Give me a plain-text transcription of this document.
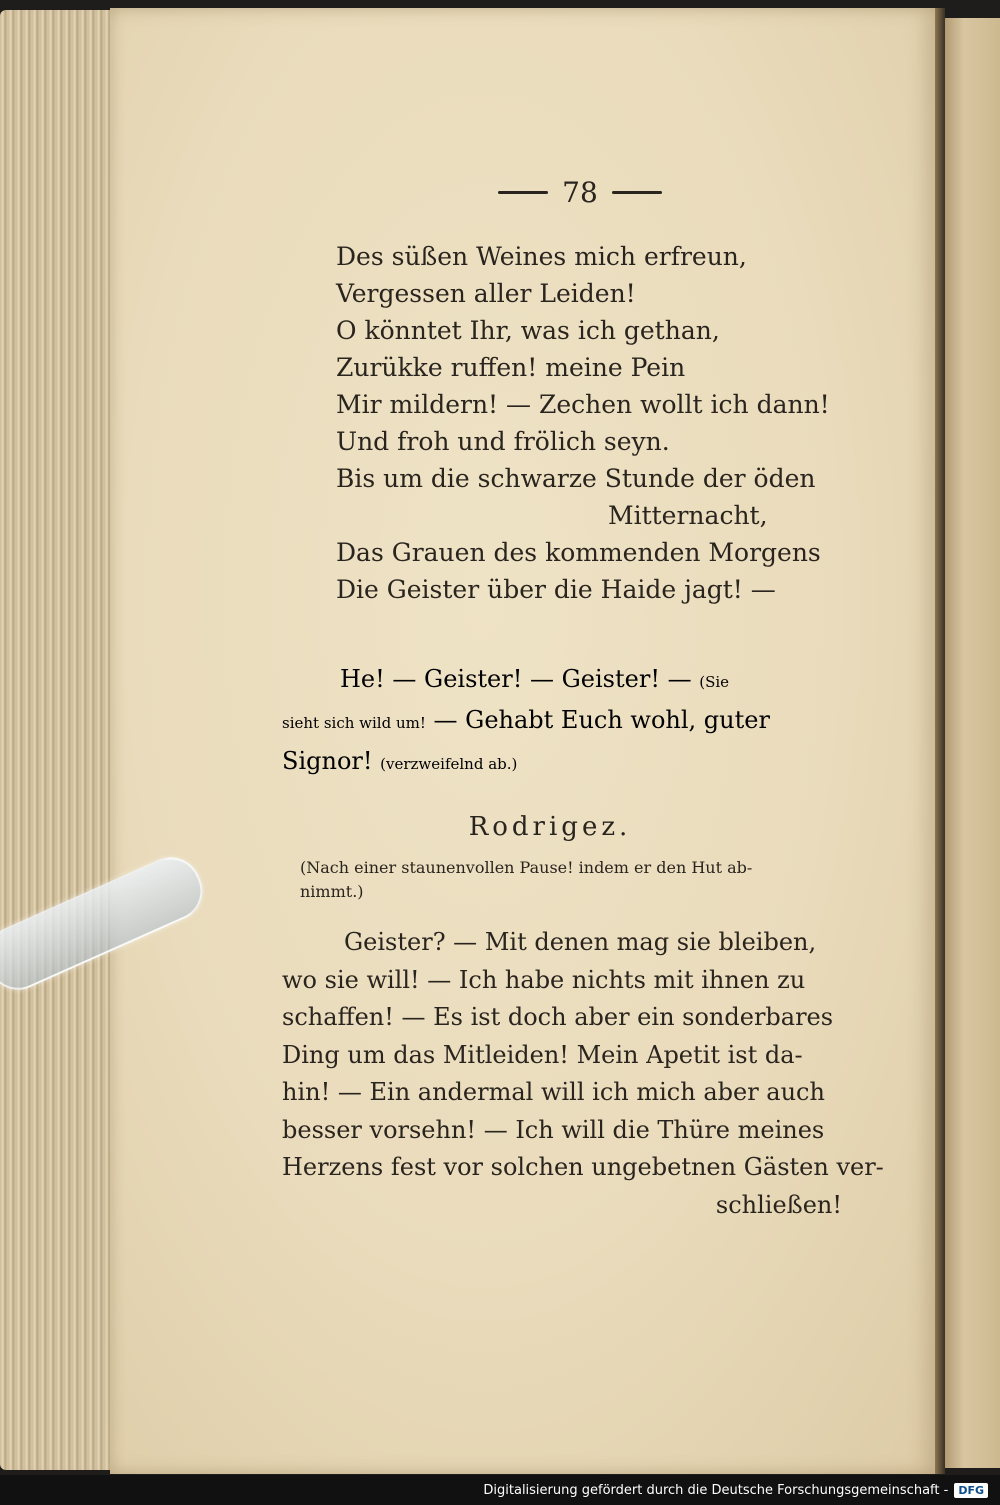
78
Des süßen Weines mich erfreun,
Vergessen aller Leiden!
O könntet Ihr, was ich gethan,
Zurükke ruffen! meine Pein
Mir mildern! — Zechen wollt ich dann!
Und froh und frölich seyn.
Bis um die schwarze Stunde der öden
Mitternacht,
Das Grauen des kommenden Morgens
Die Geister über die Haide jagt! —
He! — Geister! — Geister! — (Sie
sieht sich wild um! — Gehabt Euch wohl, guter
Signor! (verzweifelnd ab.)
Rodrigez.
(Nach einer staunenvollen Pause! indem er den Hut ab-
nimmt.)
Geister? — Mit denen mag sie bleiben,
wo sie will! — Ich habe nichts mit ihnen zu
schaffen! — Es ist doch aber ein sonderbares
Ding um das Mitleiden! Mein Apetit ist da-
hin! — Ein andermal will ich mich aber auch
besser vorsehn! — Ich will die Thüre meines
Herzens fest vor solchen ungebetnen Gästen ver-
schließen!
Digitalisierung gefördert durch die Deutsche Forschungsgemeinschaft - DFG
